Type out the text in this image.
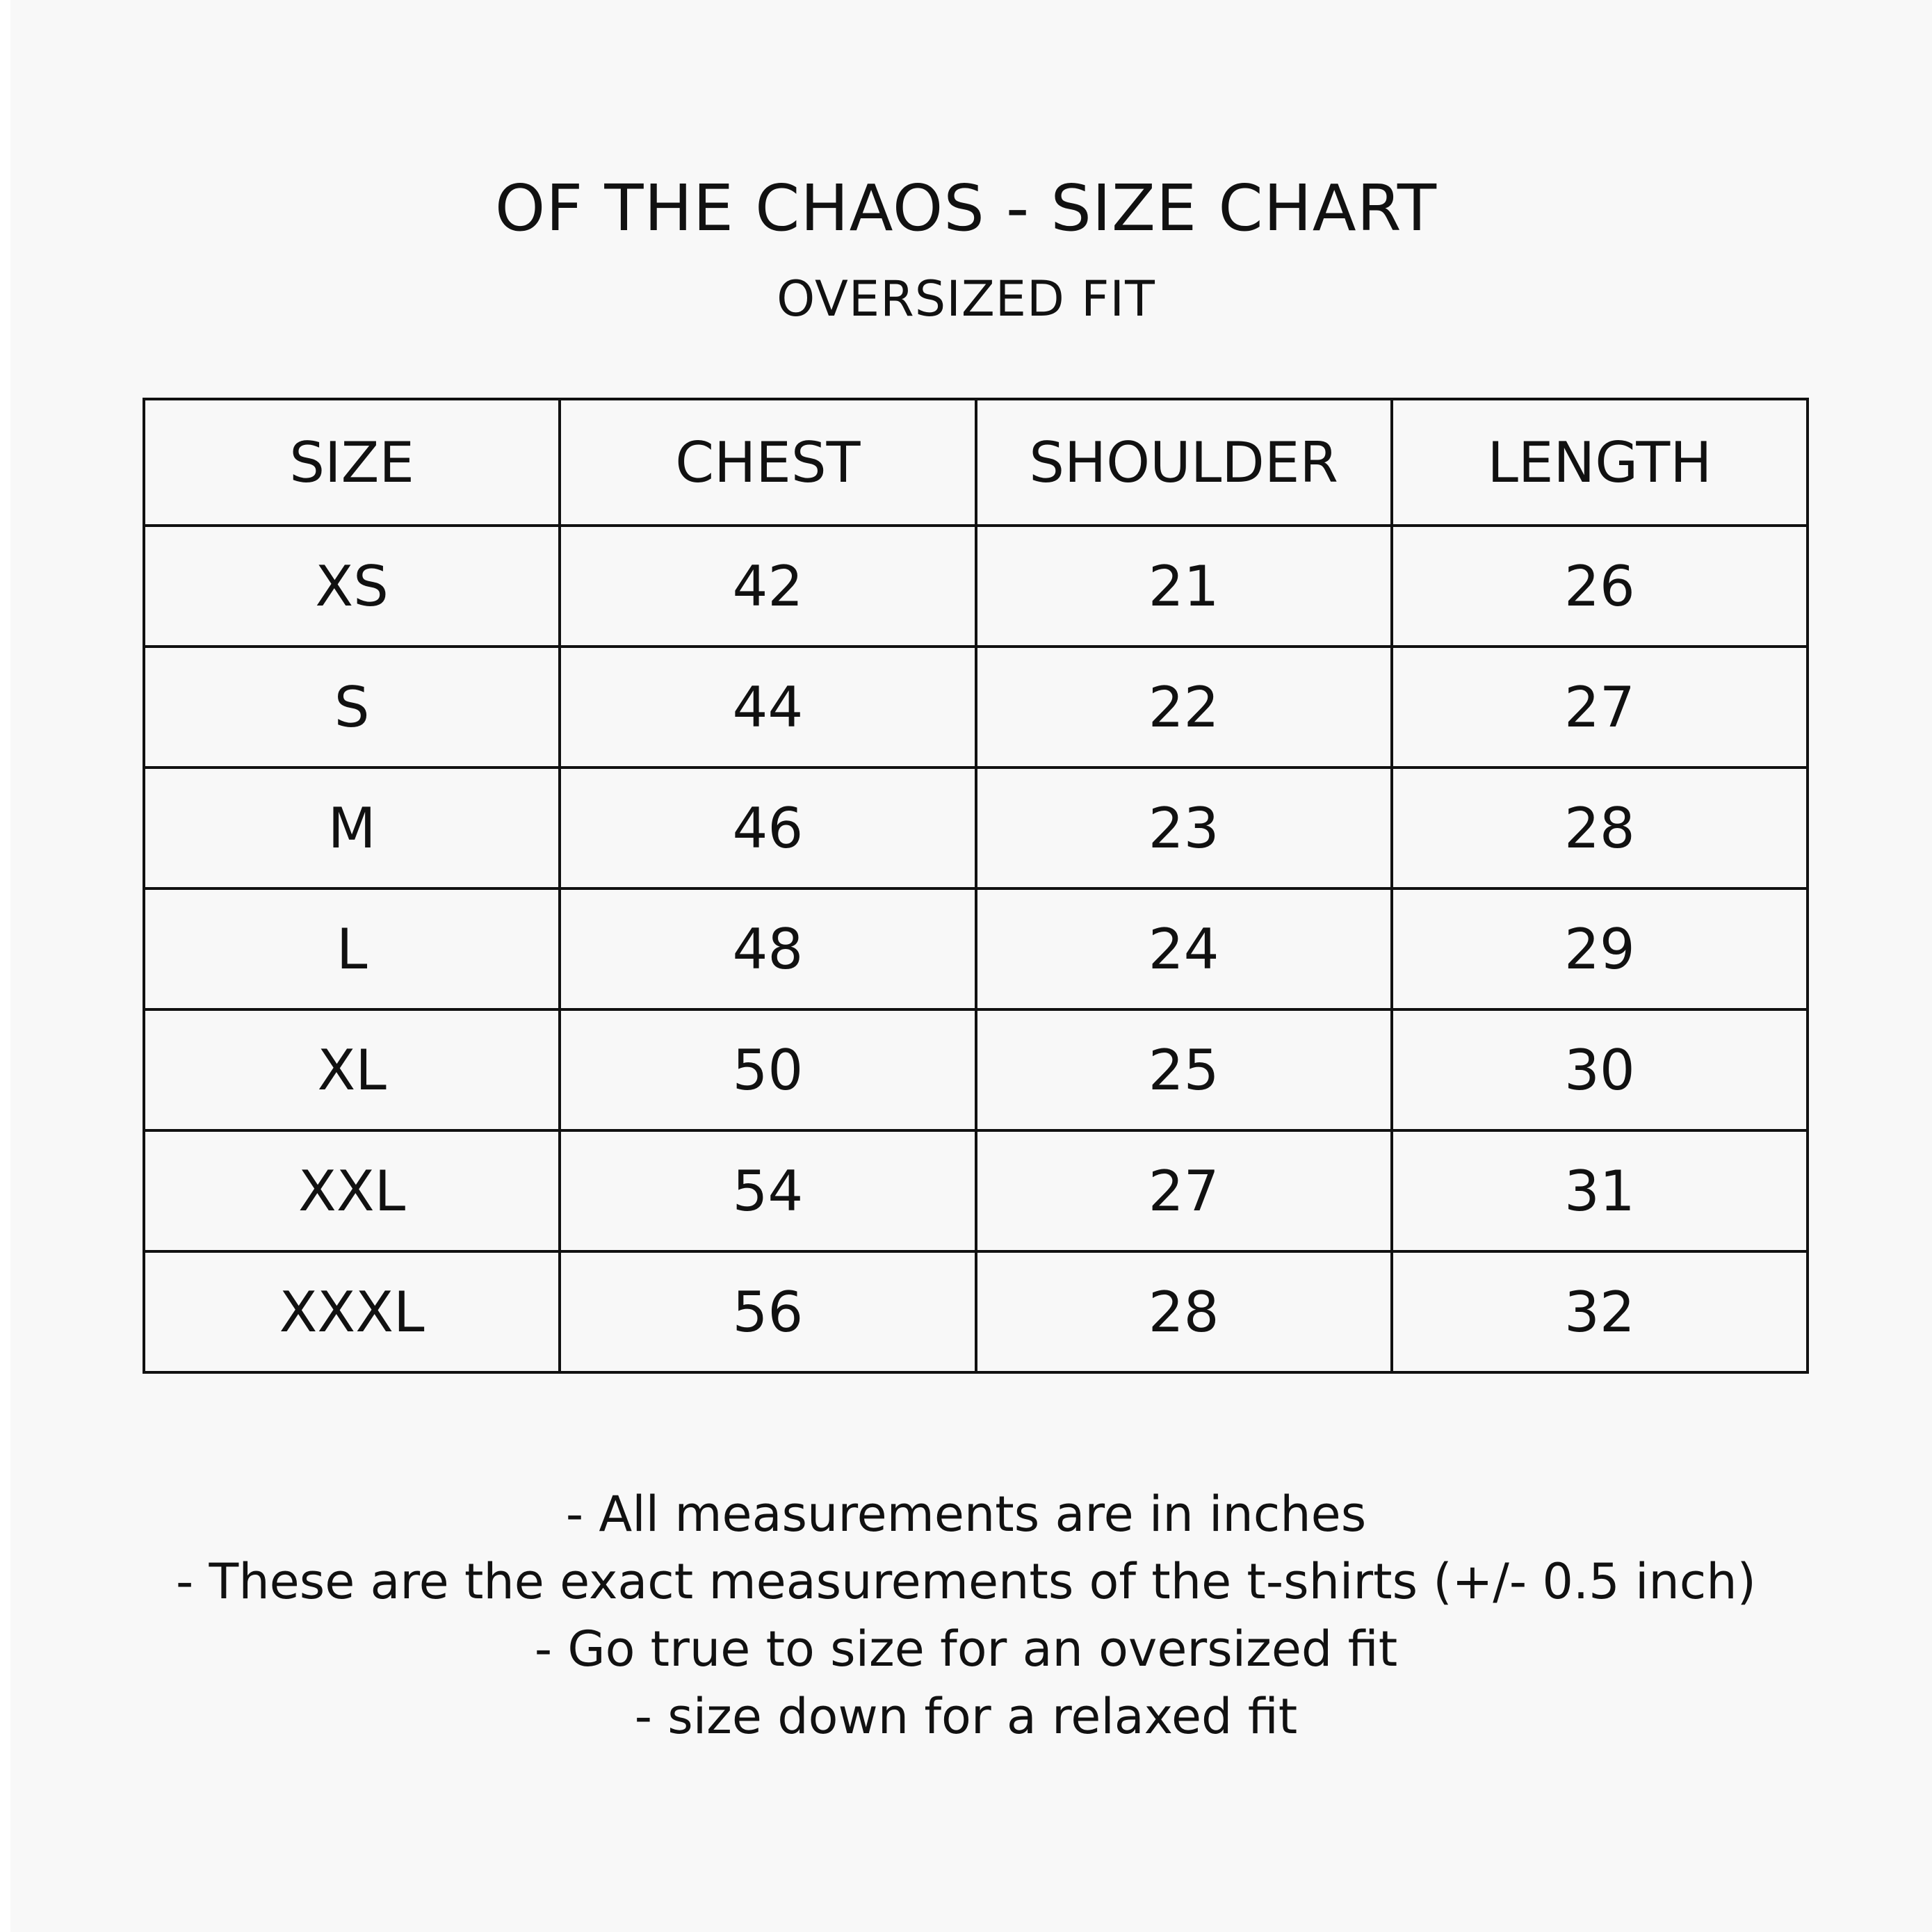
OF THE CHAOS - SIZE CHART
OVERSIZED FIT
SIZE	CHEST	SHOULDER	LENGTH
XS	42	21	26
S	44	22	27
M	46	23	28
L	48	24	29
XL	50	25	30
XXL	54	27	31
XXXL	56	28	32
- All measurements are in inches
- These are the exact measurements of the t-shirts (+/- 0.5 inch)
- Go true to size for an oversized fit
- size down for a relaxed fit
